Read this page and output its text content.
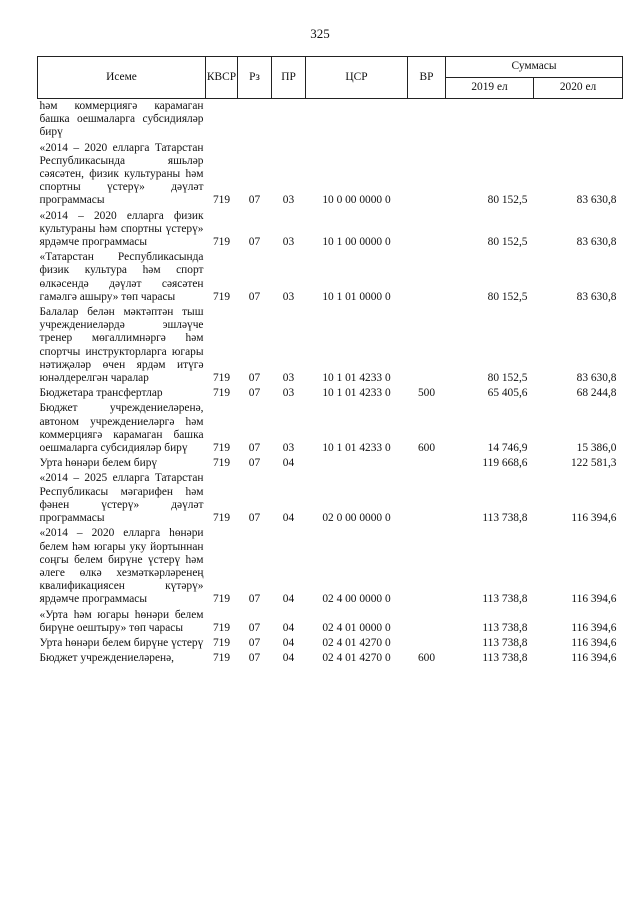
325
Исеме	КВСР	Рз	ПР	ЦСР	ВР	Суммасы	
						2019 ел	2020 ел
һәм коммерциягә карамаган башка оешмаларга субсидияләр бирү							
«2014 – 2020 елларга Татарстан Республикасында яшьләр сәясәтен, физик культураны һәм спортны үстерү» дәүләт программасы	719	07	03	10 0 00 0000 0		80 152,5	83 630,8
«2014 – 2020 елларга физик культураны һәм спортны үстерү» ярдәмче программасы	719	07	03	10 1 00 0000 0		80 152,5	83 630,8
«Татарстан Республикасында физик культура һәм спорт өлкәсендә дәүләт сәясәтен гамәлгә ашыру» төп чарасы	719	07	03	10 1 01 0000 0		80 152,5	83 630,8
Балалар белән мәктәптән тыш учреждениеләрдә эшләүче тренер мөгаллимнәргә һәм спортчы инструкторларга югары нәтиҗәләр өчен ярдәм итүгә юнәлдерелгән чаралар	719	07	03	10 1 01 4233 0		80 152,5	83 630,8
Бюджетара трансфертлар	719	07	03	10 1 01 4233 0	500	65 405,6	68 244,8
Бюджет учреждениеләренә, автоном учреждениеләргә һәм коммерциягә карамаган башка оешмаларга субсидияләр бирү	719	07	03	10 1 01 4233 0	600	14 746,9	15 386,0
Урта һөнәри белем бирү	719	07	04			119 668,6	122 581,3
«2014 – 2025 елларга Татарстан Республикасы мәгарифен һәм фәнен үстерү» дәүләт программасы	719	07	04	02 0 00 0000 0		113 738,8	116 394,6
«2014 – 2020 елларга һөнәри белем һәм югары уку йортыннан соңгы белем бирүне үстерү һәм әлеге өлкә хезмәткәрләренең квалификациясен күтәрү» ярдәмче программасы	719	07	04	02 4 00 0000 0		113 738,8	116 394,6
«Урта һәм югары һөнәри белем бирүне оештыру» төп чарасы	719	07	04	02 4 01 0000 0		113 738,8	116 394,6
Урта һөнәри белем бирүне үстерү	719	07	04	02 4 01 4270 0		113 738,8	116 394,6
Бюджет учреждениеләренә,	719	07	04	02 4 01 4270 0	600	113 738,8	116 394,6
